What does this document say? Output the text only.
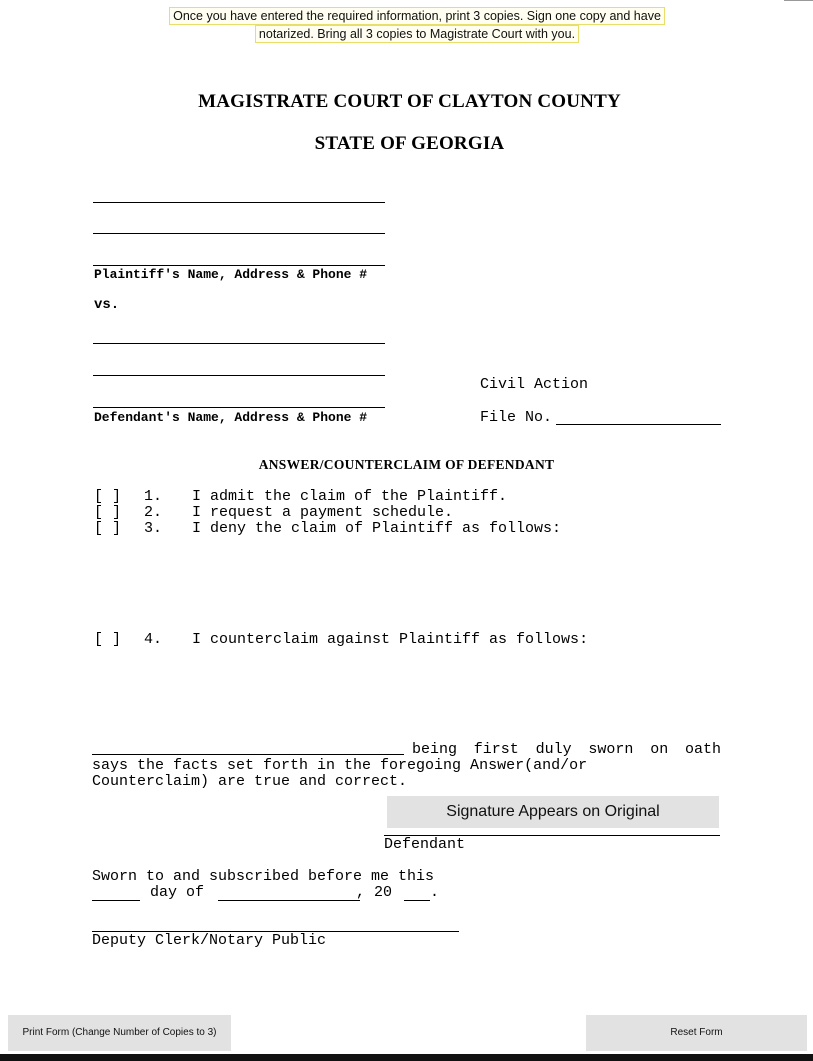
Once you have entered the required information, print 3 copies. Sign one copy and have
notarized. Bring all 3 copies to Magistrate Court with you.
MAGISTRATE COURT OF CLAYTON COUNTY
STATE OF GEORGIA
Plaintiff's Name, Address & Phone #
vs.
Defendant's Name, Address & Phone #
Civil Action
File No.
ANSWER/COUNTERCLAIM OF DEFENDANT
[ ] 1. I admit the claim of the Plaintiff.
[ ] 2. I request a payment schedule.
[ ] 3. I deny the claim of Plaintiff as follows:
[ ] 4. I counterclaim against Plaintiff as follows:
being first duly sworn on oath
says the facts set forth in the foregoing Answer(and/or
Counterclaim) are true and correct.
Signature Appears on Original
Defendant
Sworn to and subscribed before me this
day of	, 20	.
Deputy Clerk/Notary Public
Print Form (Change Number of Copies to 3)	Reset Form
